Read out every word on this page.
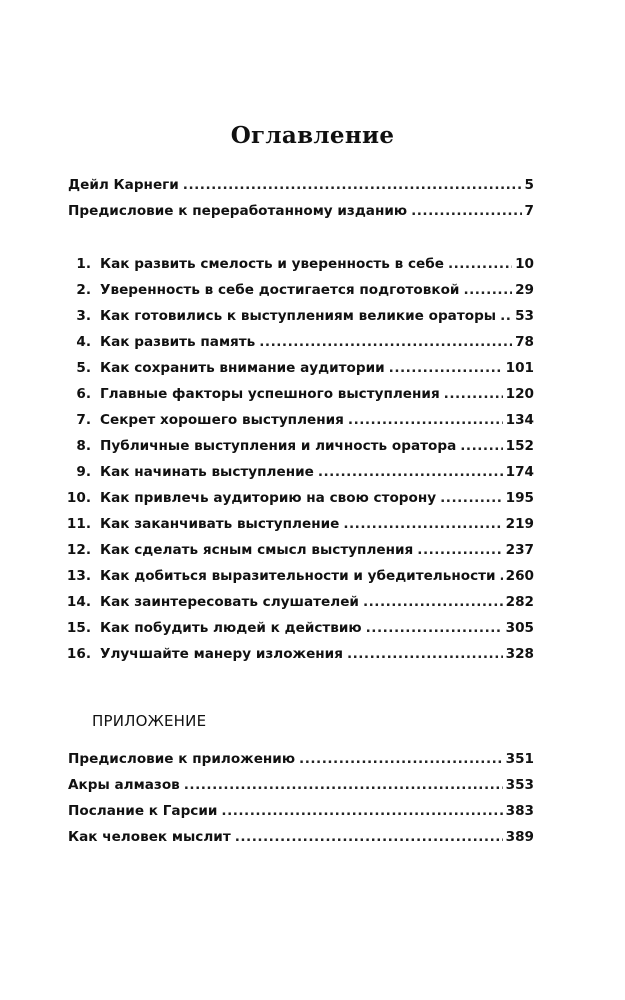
Оглавление
Дейл Карнеги .....	5
Предисловие к переработанному изданию .....	7
1. Как развить смелость и уверенность в себе .....	10
2. Уверенность в себе достигается подготовкой .....	29
3. Как готовились к выступлениям великие ораторы ..... 53
4. Как развить память .....	78
5. Как сохранить внимание аудитории .....	101
6. Главные факторы успешного выступления .....	120
7. Секрет хорошего выступления .....	134
8. Публичные выступления и личность оратора .....	152
9. Как начинать выступление .....	174
10. Как привлечь аудиторию на свою сторону .....	195
11. Как заканчивать выступление .....	219
12. Как сделать ясным смысл выступления .....	237
13. Как добиться выразительности и убедительности ..... 260
14. Как заинтересовать слушателей .....	282
15. Как побудить людей к действию .....	305
16. Улучшайте манеру изложения .....	328
ПРИЛОЖЕНИЕ
Предисловие к приложению .....	351
Акры алмазов .....	353
Послание к Гарсии .....	383
Как человек мыслит .....	389
